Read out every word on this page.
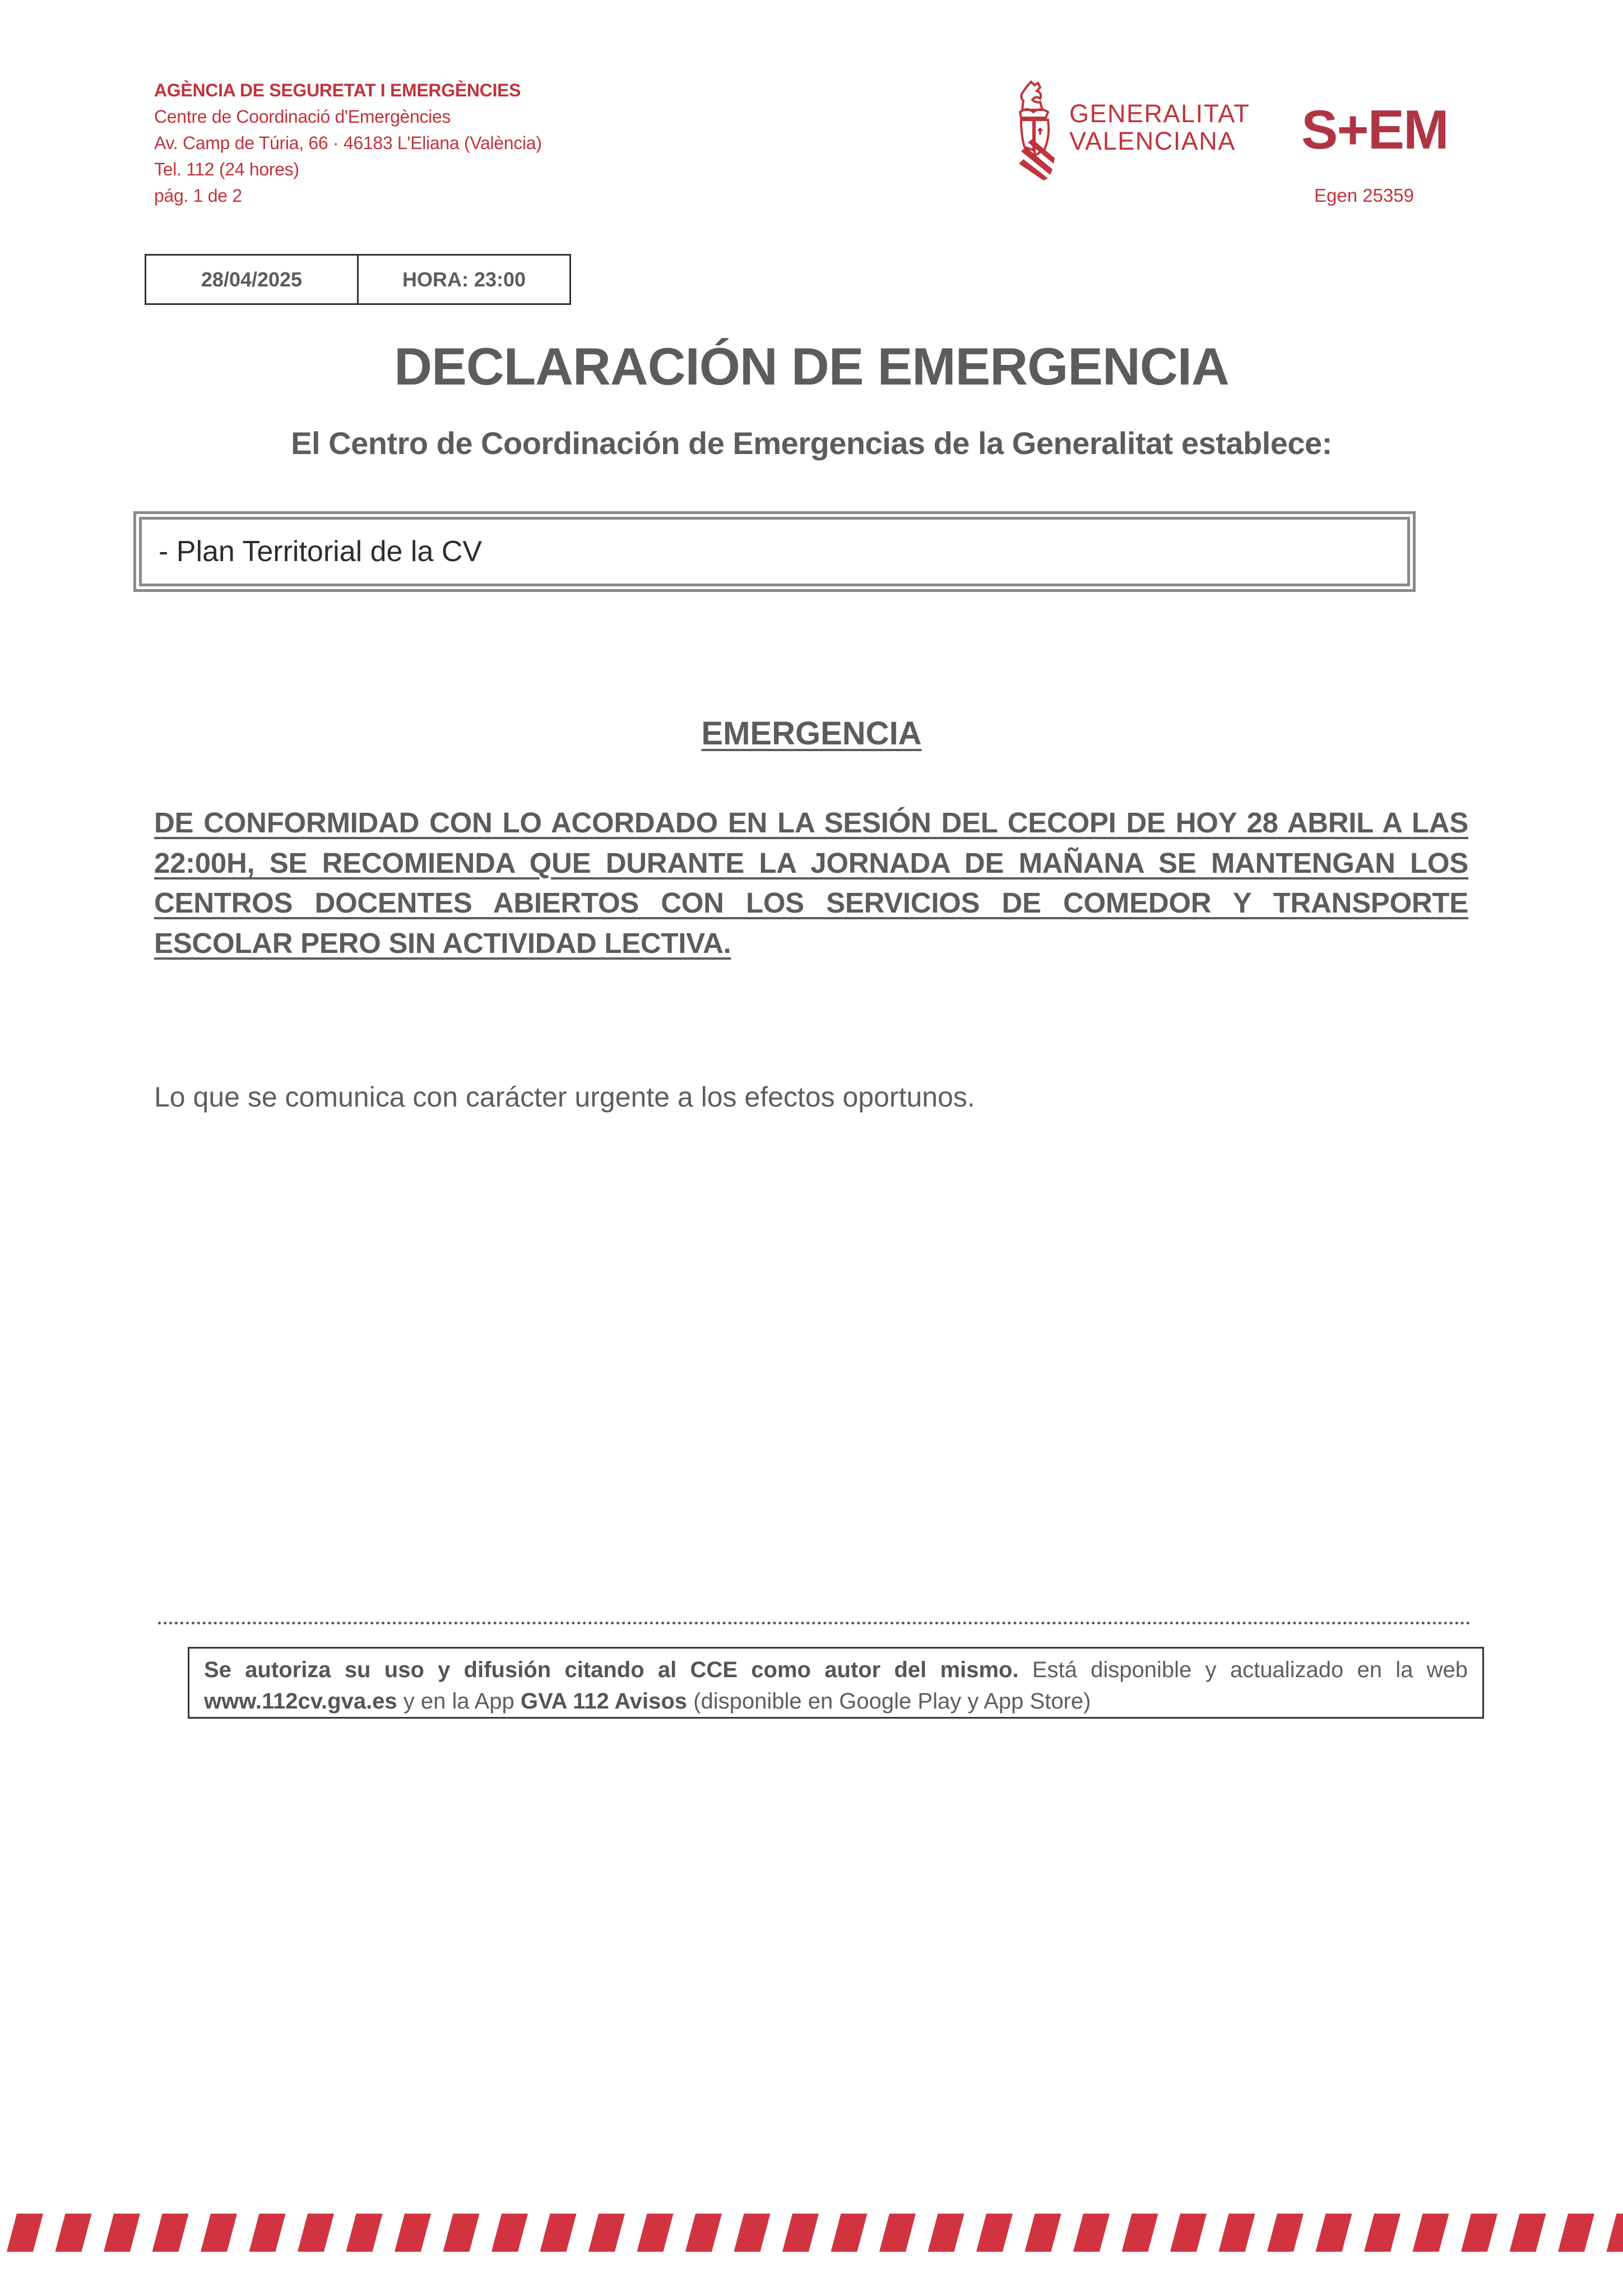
AGÈNCIA DE SEGURETAT I EMERGÈNCIES
Centre de Coordinació d'Emergències
Av. Camp de Túria, 66 · 46183 L'Eliana (València)
Tel. 112 (24 hores)
pág. 1 de 2
GENERALITAT
VALENCIANA S+EM
Egen 25359
28/04/2025	HORA: 23:00
DECLARACIÓN DE EMERGENCIA
El Centro de Coordinación de Emergencias de la Generalitat establece:
- Plan Territorial de la CV
EMERGENCIA
DE CONFORMIDAD CON LO ACORDADO EN LA SESIÓN DEL CECOPI DE HOY 28 ABRIL A LAS 22:00H, SE RECOMIENDA QUE DURANTE LA JORNADA DE MAÑANA SE MANTENGAN LOS CENTROS DOCENTES ABIERTOS CON LOS SERVICIOS DE COMEDOR Y TRANSPORTE ESCOLAR PERO SIN ACTIVIDAD LECTIVA.
Lo que se comunica con carácter urgente a los efectos oportunos.
Se autoriza su uso y difusión citando al CCE como autor del mismo. Está disponible y actualizado en la web www.112cv.gva.es y en la App GVA 112 Avisos (disponible en Google Play y App Store)
